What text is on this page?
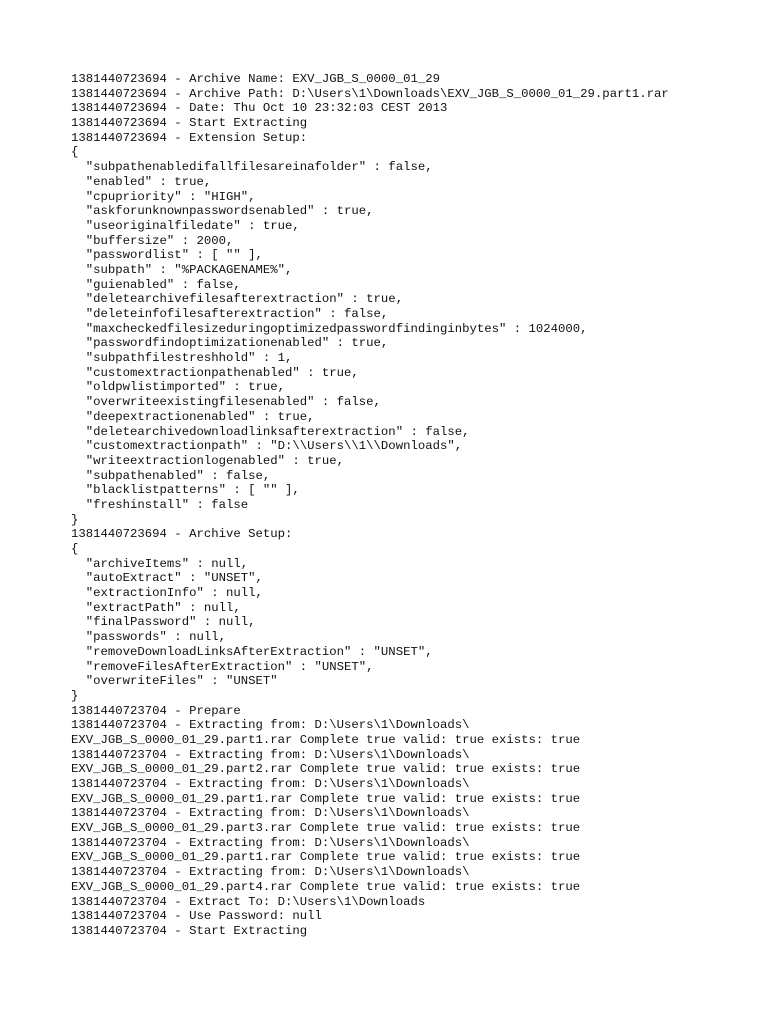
1381440723694 - Archive Name: EXV_JGB_S_0000_01_29
1381440723694 - Archive Path: D:\Users\1\Downloads\EXV_JGB_S_0000_01_29.part1.rar
1381440723694 - Date: Thu Oct 10 23:32:03 CEST 2013
1381440723694 - Start Extracting
1381440723694 - Extension Setup:
{
"subpathenabledifallfilesareinafolder" : false,
"enabled" : true,
"cpupriority" : "HIGH",
"askforunknownpasswordsenabled" : true,
"useoriginalfiledate" : true,
"buffersize" : 2000,
"passwordlist" : [ "" ],
"subpath" : "%PACKAGENAME%",
"guienabled" : false,
"deletearchivefilesafterextraction" : true,
"deleteinfofilesafterextraction" : false,
"maxcheckedfilesizeduringoptimizedpasswordfindinginbytes" : 1024000,
"passwordfindoptimizationenabled" : true,
"subpathfilestreshhold" : 1,
"customextractionpathenabled" : true,
"oldpwlistimported" : true,
"overwriteexistingfilesenabled" : false,
"deepextractionenabled" : true,
"deletearchivedownloadlinksafterextraction" : false,
"customextractionpath" : "D:\\Users\\1\\Downloads",
"writeextractionlogenabled" : true,
"subpathenabled" : false,
"blacklistpatterns" : [ "" ],
"freshinstall" : false
}
1381440723694 - Archive Setup:
{
"archiveItems" : null,
"autoExtract" : "UNSET",
"extractionInfo" : null,
"extractPath" : null,
"finalPassword" : null,
"passwords" : null,
"removeDownloadLinksAfterExtraction" : "UNSET",
"removeFilesAfterExtraction" : "UNSET",
"overwriteFiles" : "UNSET"
}
1381440723704 - Prepare
1381440723704 - Extracting from: D:\Users\1\Downloads\
EXV_JGB_S_0000_01_29.part1.rar Complete true valid: true exists: true
1381440723704 - Extracting from: D:\Users\1\Downloads\
EXV_JGB_S_0000_01_29.part2.rar Complete true valid: true exists: true
1381440723704 - Extracting from: D:\Users\1\Downloads\
EXV_JGB_S_0000_01_29.part1.rar Complete true valid: true exists: true
1381440723704 - Extracting from: D:\Users\1\Downloads\
EXV_JGB_S_0000_01_29.part3.rar Complete true valid: true exists: true
1381440723704 - Extracting from: D:\Users\1\Downloads\
EXV_JGB_S_0000_01_29.part1.rar Complete true valid: true exists: true
1381440723704 - Extracting from: D:\Users\1\Downloads\
EXV_JGB_S_0000_01_29.part4.rar Complete true valid: true exists: true
1381440723704 - Extract To: D:\Users\1\Downloads
1381440723704 - Use Password: null
1381440723704 - Start Extracting
